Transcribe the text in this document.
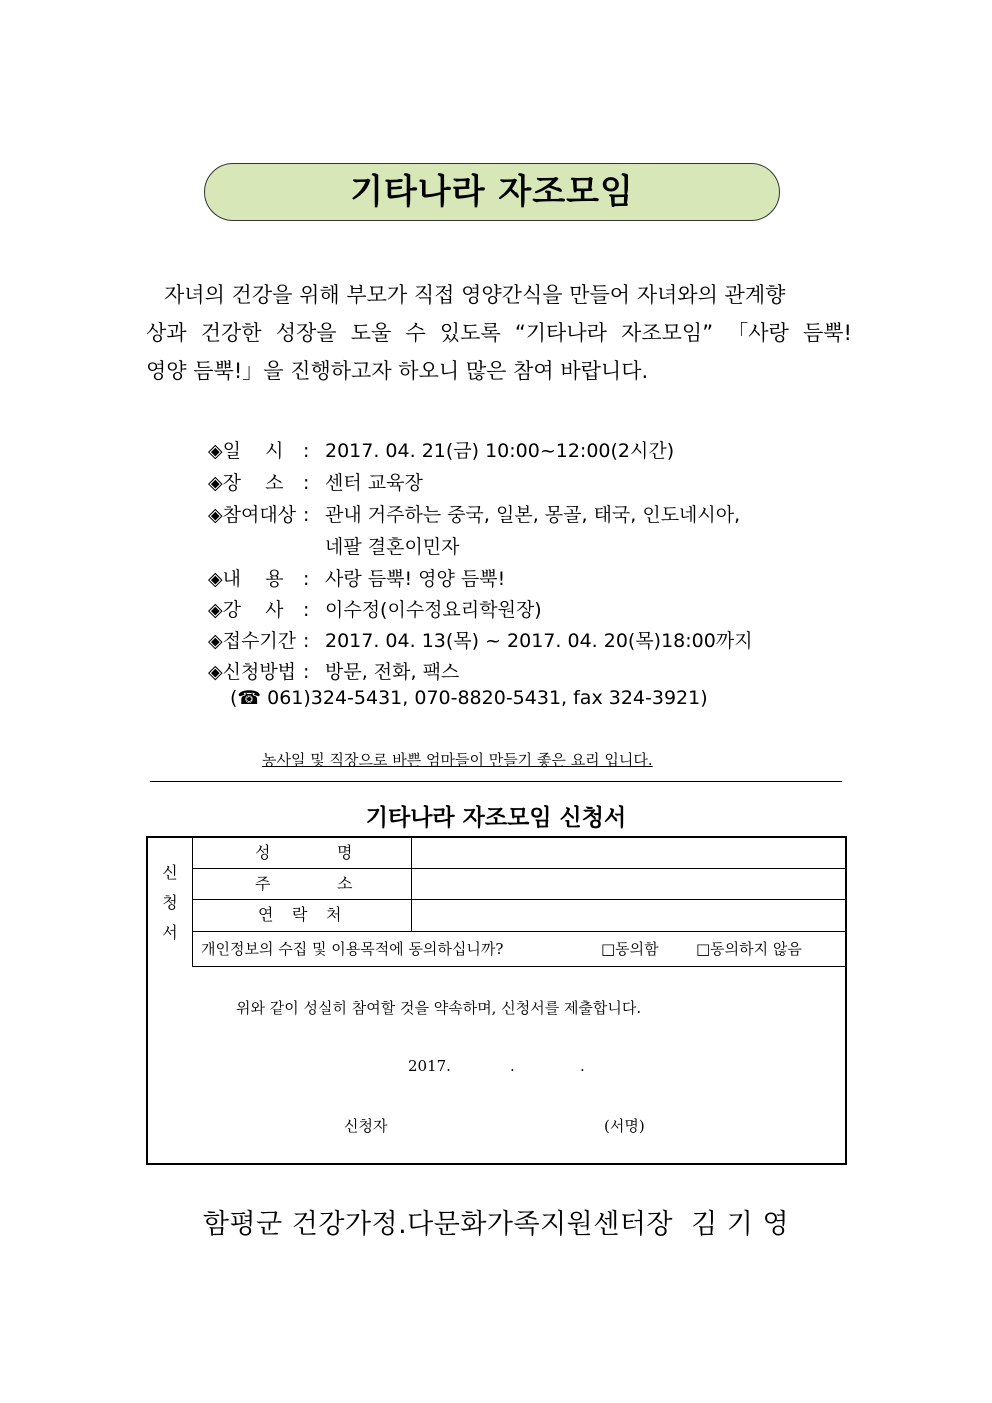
기타나라 자조모임
자녀의 건강을 위해 부모가 직접 영양간식을 만들어 자녀와의 관계향
상과 건강한 성장을 도울 수 있도록 “기타나라 자조모임” 「사랑 듬뿍!
영양 듬뿍!」을 진행하고자 하오니 많은 참여 바랍니다.
◈일    시 : 2017. 04. 21(금) 10:00~12:00(2시간)
◈장    소 : 센터 교육장
◈참여대상 : 관내 거주하는 중국, 일본, 몽골, 태국, 인도네시아,
네팔 결혼이민자
◈내    용 : 사랑 듬뿍! 영양 듬뿍!
◈강    사 : 이수정(이수정요리학원장)
◈접수기간 : 2017. 04. 13(목) ~ 2017. 04. 20(목)18:00까지
◈신청방법 : 방문, 전화, 팩스
(☎ 061)324-5431, 070-8820-5431, fax 324-3921)
농사일 및 직장으로 바쁜 엄마들이 만들기 좋은 요리 입니다.
기타나라 자조모임 신청서
신
청
서
성	명
주	소
연 락 처
개인정보의 수집 및 이용목적에 동의하십니까?	□동의함 □동의하지 않음
위와 같이 성실히 참여할 것을 약속하며, 신청서를 제출합니다.
2017.	.	.
신청자	(서명)
함평군 건강가정.다문화가족지원센터장  김 기 영
